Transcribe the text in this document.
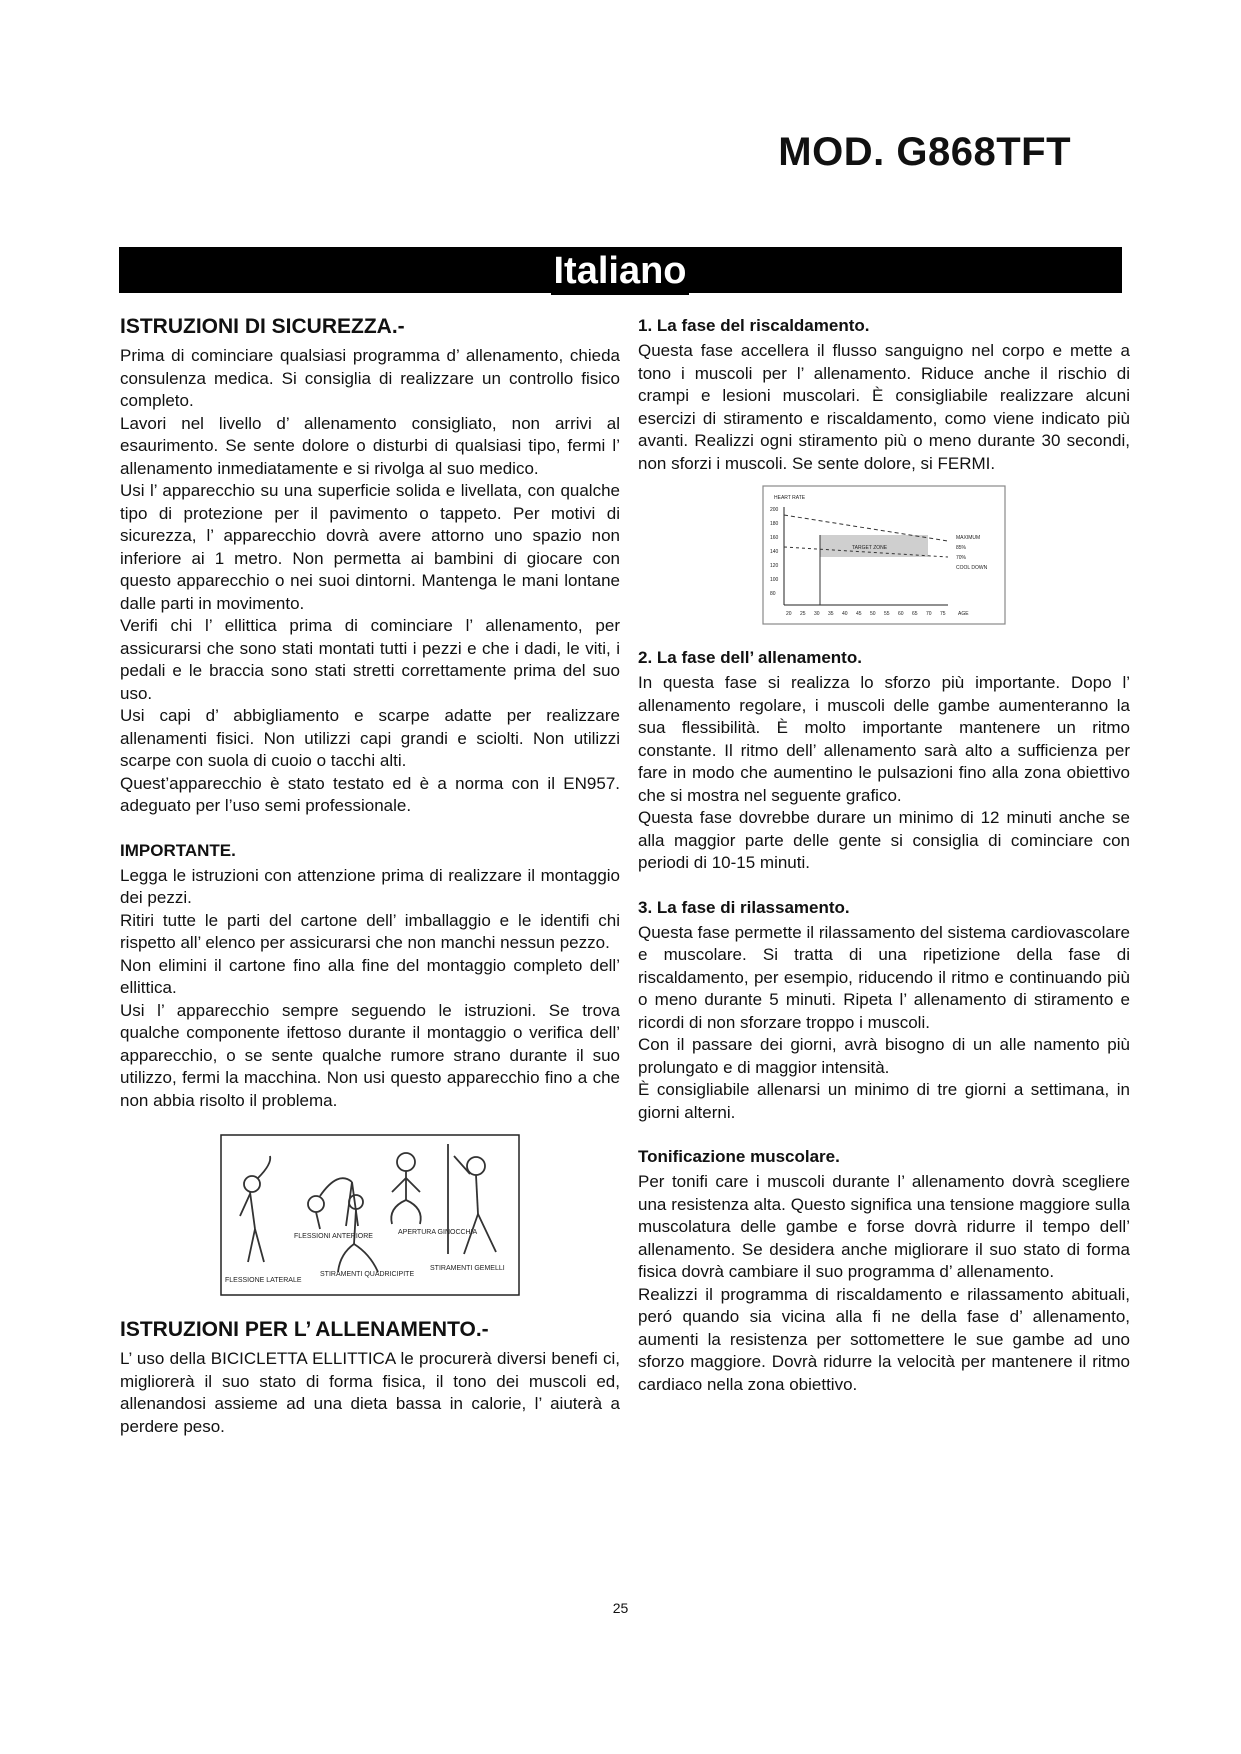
MOD. G868TFT
Italiano
ISTRUZIONI DI SICUREZZA.-

Prima di cominciare qualsiasi programma d’ allenamento, chieda consulenza medica. Si consiglia di realizzare un controllo fisico completo.

Lavori nel livello d’ allenamento consigliato, non arrivi al esaurimento. Se sente dolore o disturbi di qualsiasi tipo, fermi l’ allenamento inmediatamente e si rivolga al suo medico.

Usi l’ apparecchio su una superficie solida e livellata, con qualche tipo di protezione per il pavimento o tappeto. Per motivi di sicurezza, l’ apparecchio dovrà avere attorno uno spazio non inferiore ai 1 metro. Non permetta ai bambini di giocare con questo apparecchio o nei suoi dintorni. Mantenga le mani lontane dalle parti in movimento.

Verifi chi l’ ellittica prima di cominciare l’ allenamento, per assicurarsi che sono stati montati tutti i pezzi e che i dadi, le viti, i pedali e le braccia sono stati stretti correttamente prima del suo uso.

Usi capi d’ abbigliamento e scarpe adatte per realizzare allenamenti fisici. Non utilizzi capi grandi e sciolti. Non utilizzi scarpe con suola di cuoio o tacchi alti.

Quest’apparecchio è stato testato ed è a norma con il EN957. adeguato per l’uso semi professionale.

IMPORTANTE.

Legga le istruzioni con attenzione prima di realizzare il montaggio dei pezzi.

Ritiri tutte le parti del cartone dell’ imballaggio e le identifi chi rispetto all’ elenco per assicurarsi che non manchi nessun pezzo.

Non elimini il cartone fino alla fine del montaggio completo dell’ ellittica.

Usi l’ apparecchio sempre seguendo le istruzioni. Se trova qualche componente ifettoso durante il montaggio o verifica dell’ apparecchio, o se sente qualche rumore strano durante il suo utilizzo, fermi la macchina. Non usi questo apparecchio fino a che non abbia risolto il problema.

FLESSIONI ANTERIORE
APERTURA GINOCCHIA
STIRAMENTI QUADRICIPITE
STIRAMENTI GEMELLI
FLESSIONE LATERALE
ISTRUZIONI PER L’ ALLENAMENTO.-

L’ uso della BICICLETTA ELLITTICA le procurerà diversi benefi ci, migliorerà il suo stato di forma fisica, il tono dei muscoli ed, allenandosi assieme ad una dieta bassa in calorie, l’ aiuterà a perdere peso.

1. La fase del riscaldamento.

Questa fase accellera il flusso sanguigno nel corpo e mette a tono i muscoli per l’ allenamento. Riduce anche il rischio di crampi e lesioni muscolari. È consigliabile realizzare alcuni esercizi di stiramento e riscaldamento, como viene indicato più avanti. Realizzi ogni stiramento più o meno durante 30 secondi, non sforzi i muscoli. Se sente dolore, si FERMI.

HEART RATE
200
180
160
140
120
100
80
20 25 30 35 40 45 50 55 60 65 70 75 AGE
TARGET ZONE
MAXIMUM
85%
70%
COOL DOWN
2. La fase dell’ allenamento.

In questa fase si realizza lo sforzo più importante. Dopo l’ allenamento regolare, i muscoli delle gambe aumenteranno la sua flessibilità. È molto importante mantenere un ritmo constante. Il ritmo dell’ allenamento sarà alto a sufficienza per fare in modo che aumentino le pulsazioni fino alla zona obiettivo che si mostra nel seguente grafico.

Questa fase dovrebbe durare un minimo di 12 minuti anche se alla maggior parte delle gente si consiglia di cominciare con periodi di 10-15 minuti.

3. La fase di rilassamento.

Questa fase permette il rilassamento del sistema cardiovascolare e muscolare. Si tratta di una ripetizione della fase di riscaldamento, per esempio, riducendo il ritmo e continuando più o meno durante 5 minuti. Ripeta l’ allenamento di stiramento e ricordi di non sforzare troppo i muscoli.

Con il passare dei giorni, avrà bisogno di un alle namento più prolungato e di maggior intensità.

È consigliabile allenarsi un minimo di tre giorni a settimana, in giorni alterni.

Tonificazione muscolare.

Per tonifi care i muscoli durante l’ allenamento dovrà scegliere una resistenza alta. Questo significa una tensione maggiore sulla muscolatura delle gambe e forse dovrà ridurre il tempo dell’ allenamento. Se desidera anche migliorare il suo stato di forma fisica dovrà cambiare il suo programma d’ allenamento.

Realizzi il programma di riscaldamento e rilassamento abituali, peró quando sia vicina alla fi ne della fase d’ allenamento, aumenti la resistenza per sottomettere le sue gambe ad uno sforzo maggiore. Dovrà ridurre la velocità per mantenere il ritmo cardiaco nella zona obiettivo.

25
